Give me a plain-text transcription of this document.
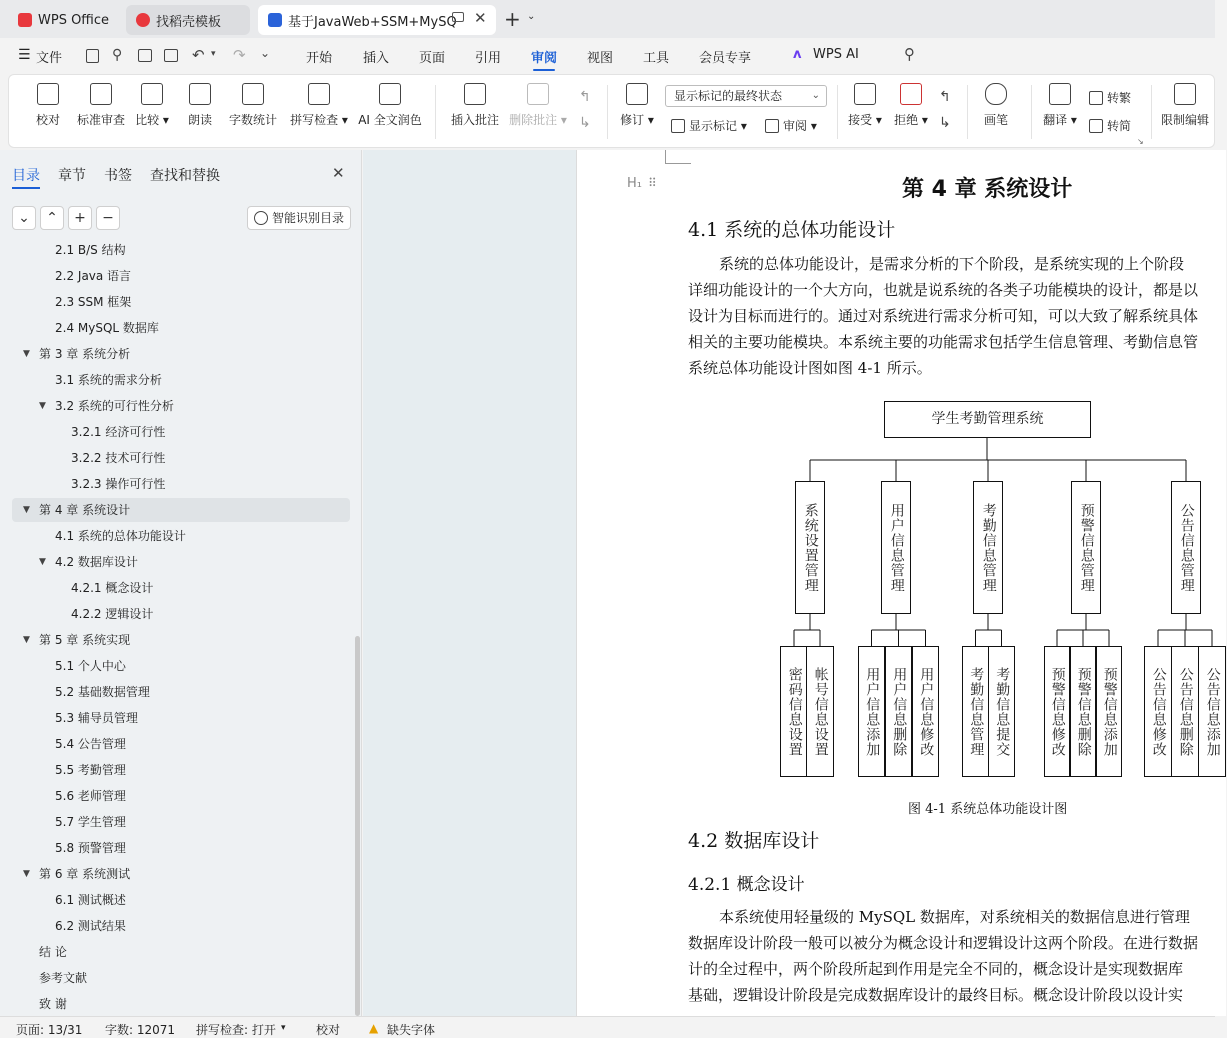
WPS Office	找稻壳模板	基于JavaWeb+SSM+MySQ ✕ + ⌄
☰ 文件	⚲	↶ ▾ ↷ ⌄	开始 插入 页面 引用 审阅 视图 工具 会员专享	ᴧ WPS AI	⚲
校对 标准审查 比较 ▾ 朗读 字数统计 拼写检查 ▾ AI 全文润色 插入批注 删除批注 ▾
↰
↳ 修订 ▾
显示标记的最终状态	⌄
显示标记 ▾	审阅 ▾	接受 ▾ 拒绝 ▾
↰
↳	画笔	翻译 ▾
转繁
转简
↘
限制编辑
目录 章节 书签 查找和替换	✕
⌄	⌃	+	−	智能识别目录
2.1 B/S 结构
2.2 Java 语言
2.3 SSM 框架
2.4 MySQL 数据库
▼ 第 3 章 系统分析
3.1 系统的需求分析
▼ 3.2 系统的可行性分析
3.2.1 经济可行性
3.2.2 技术可行性
3.2.3 操作可行性
▼ 第 4 章 系统设计
4.1 系统的总体功能设计
▼ 4.2 数据库设计
4.2.1 概念设计
4.2.2 逻辑设计
▼ 第 5 章 系统实现
5.1 个人中心
5.2 基础数据管理
5.3 辅导员管理
5.4 公告管理
5.5 考勤管理
5.6 老师管理
5.7 学生管理
5.8 预警管理
▼ 第 6 章 系统测试
6.1 测试概述
6.2 测试结果
结 论
参考文献
致 谢
H₁ ⠿	第 4 章 系统设计
4.1 系统的总体功能设计
系统的总体功能设计，是需求分析的下个阶段，是系统实现的上个阶段
详细功能设计的一个大方向，也就是说系统的各类子功能模块的设计，都是以
设计为目标而进行的。通过对系统进行需求分析可知，可以大致了解系统具体
相关的主要功能模块。本系统主要的功能需求包括学生信息管理、考勤信息管
系统总体功能设计图如图 4-1 所示。
学生考勤管理系统
系统设置管理
密码信息设置 帐号信息设置
用户信息管理
用户信息添加 用户信息删除 用户信息修改
考勤信息管理
考勤信息管理 考勤信息提交
预警信息管理
预警信息修改 预警信息删除 预警信息添加
公告信息管理
公告信息修改 公告信息删除 公告信息添加
图 4-1 系统总体功能设计图
4.2 数据库设计
4.2.1 概念设计
本系统使用轻量级的 MySQL 数据库，对系统相关的数据信息进行管理
数据库设计阶段一般可以被分为概念设计和逻辑设计这两个阶段。在进行数据
计的全过程中，两个阶段所起到作用是完全不同的，概念设计是实现数据库
基础，逻辑设计阶段是完成数据库设计的最终目标。概念设计阶段以设计实
页面: 13/31 字数: 12071 拼写检查: 打开 ▾	校对 ▲ 缺失字体
